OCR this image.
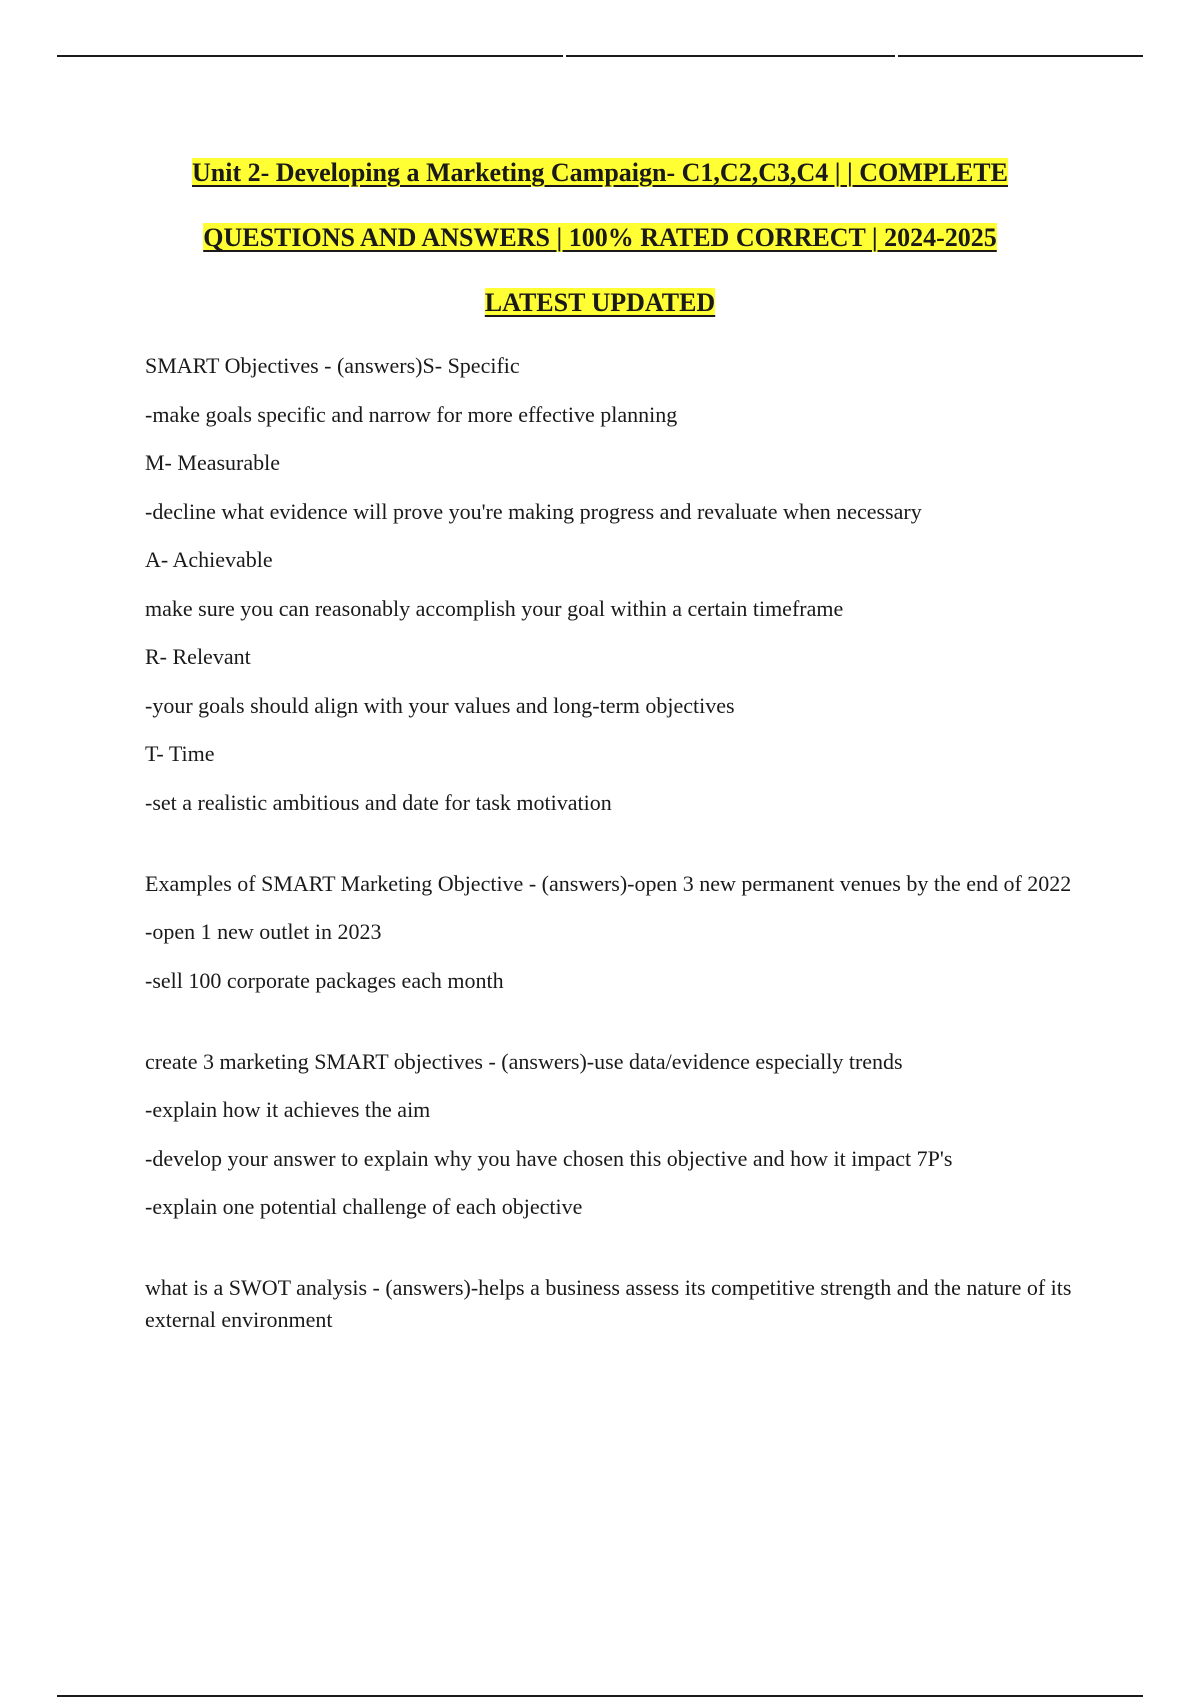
Unit 2- Developing a Marketing Campaign- C1,C2,C3,C4 | | COMPLETE
QUESTIONS AND ANSWERS | 100% RATED CORRECT | 2024-2025
LATEST UPDATED

SMART Objectives - (answers)S- Specific

-make goals specific and narrow for more effective planning

M- Measurable

-decline what evidence will prove you're making progress and revaluate when necessary

A- Achievable

make sure you can reasonably accomplish your goal within a certain timeframe

R- Relevant

-your goals should align with your values and long-term objectives

T- Time

-set a realistic ambitious and date for task motivation

Examples of SMART Marketing Objective - (answers)-open 3 new permanent venues by the end of 2022

-open 1 new outlet in 2023

-sell 100 corporate packages each month

create 3 marketing SMART objectives - (answers)-use data/evidence especially trends

-explain how it achieves the aim

-develop your answer to explain why you have chosen this objective and how it impact 7P's

-explain one potential challenge of each objective

what is a SWOT analysis - (answers)-helps a business assess its competitive strength and the nature of its external environment
